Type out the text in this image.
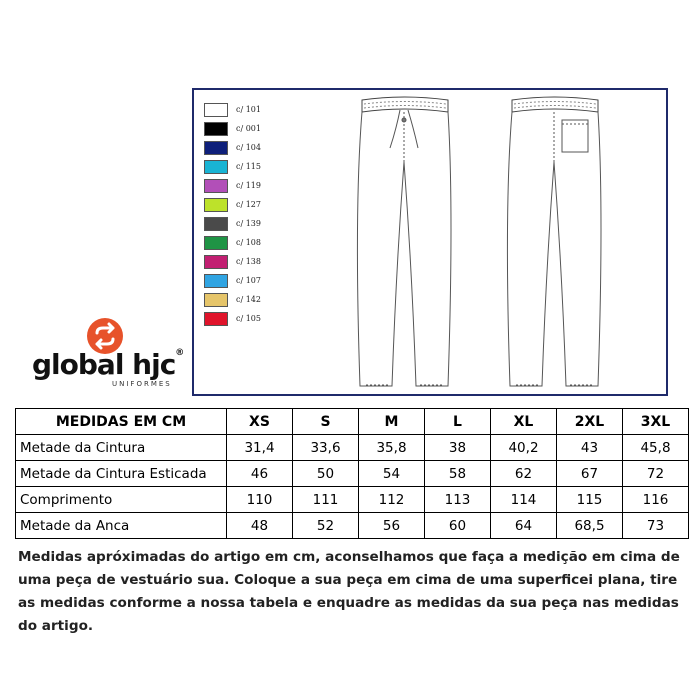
c/ 101
c/ 001
c/ 104
c/ 115
c/ 119
c/ 127
c/ 139
c/ 108
c/ 138
c/ 107
c/ 142
c/ 105
global hjc®
UNIFORMES
MEDIDAS EM CM	XS	S	M	L	XL	2XL	3XL
Metade da Cintura	31,4	33,6	35,8	38	40,2	43	45,8
Metade da Cintura Esticada	46	50	54	58	62	67	72
Comprimento	110	111	112	113	114	115	116
Metade da Anca	48	52	56	60	64	68,5	73
Medidas apróximadas do artigo em cm, aconselhamos que faça a medição em cima de uma peça de vestuário sua. Coloque a sua peça em cima de uma superficei plana, tire as medidas conforme a nossa tabela e enquadre as medidas da sua peça nas medidas do artigo.
